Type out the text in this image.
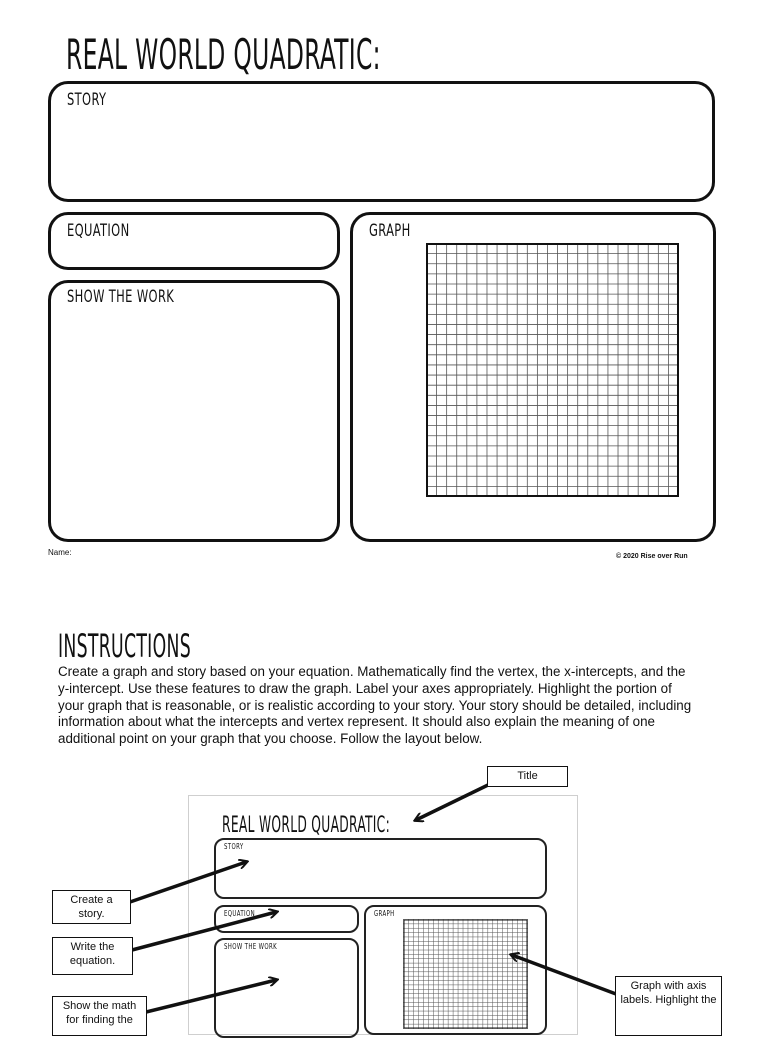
REAL WORLD QUADRATIC:
STORY
EQUATION
SHOW THE WORK
GRAPH
Name:	© 2020 Rise over Run
INSTRUCTIONS
Create a graph and story based on your equation. Mathematically find the vertex, the x-intercepts, and the y-intercept. Use these features to draw the graph. Label your axes appropriately. Highlight the portion of your graph that is reasonable, or is realistic according to your story. Your story should be detailed, including information about what the intercepts and vertex represent. It should also explain the meaning of one additional point on your graph that you choose. Follow the layout below.
REAL WORLD QUADRATIC:
STORY
EQUATION
SHOW THE WORK
GRAPH
Title
Create a story.
Write the equation.
Show the math for finding the
Graph with axis labels. Highlight the
